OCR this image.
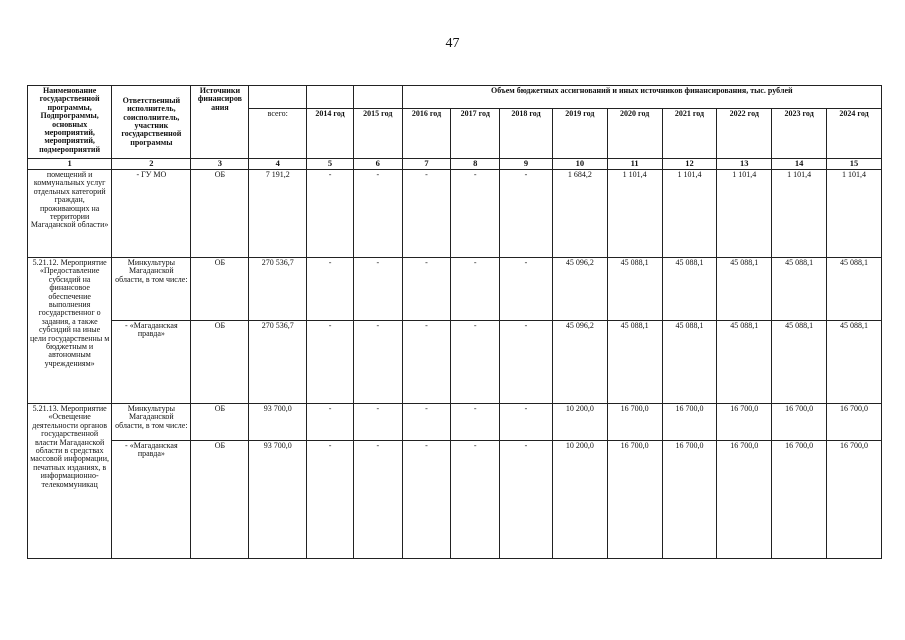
47
Наименование государственной программы, Подпрограммы, основных мероприятий, мероприятий, подмероприятий	Ответственный исполнитель, соисполнитель, участник государственной программы	Источники финансиров ания				Объем бюджетных ассигнований и иных источников финансирования, тыс. рублей								
			всего:	2014 год	2015 год	2016 год	2017 год	2018 год	2019 год	2020 год	2021 год	2022 год	2023 год	2024 год
1	2	3	4	5	6	7	8	9	10	11	12	13	14	15
помещений и коммунальных услуг отдельных категорий граждан, проживающих на территории Магаданской области»	- ГУ МО	ОБ	7 191,2	-	-	-	-	-	1 684,2	1 101,4	1 101,4	1 101,4	1 101,4	1 101,4
5.21.12. Мероприятие «Предоставление субсидий на финансовое обеспечение выполнения государственног о задания, а также субсидий на иные цели государственны м бюджетным и автономным учреждениям»	Минкультуры Магаданской области, в том числе:	ОБ	270 536,7	-	-	-	-	-	45 096,2	45 088,1	45 088,1	45 088,1	45 088,1	45 088,1
	- «Магаданская правда»	ОБ	270 536,7	-	-	-	-	-	45 096,2	45 088,1	45 088,1	45 088,1	45 088,1	45 088,1
5.21.13. Мероприятие «Освещение деятельности органов государственной власти Магаданской области в средствах массовой информации, печатных изданиях, в информационно-телекоммуникац	Минкультуры Магаданской области, в том числе:	ОБ	93 700,0	-	-	-	-	-	10 200,0	16 700,0	16 700,0	16 700,0	16 700,0	16 700,0
	- «Магаданская правда»	ОБ	93 700,0	-	-	-	-	-	10 200,0	16 700,0	16 700,0	16 700,0	16 700,0	16 700,0
